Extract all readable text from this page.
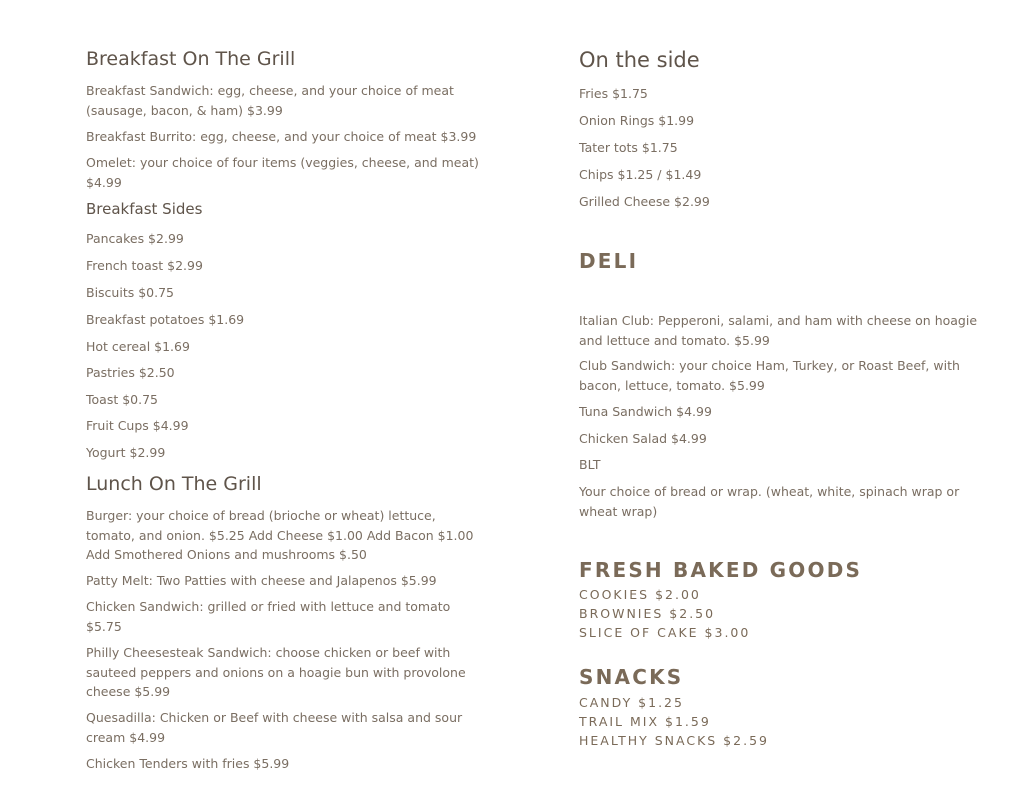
Breakfast On The Grill
Breakfast Sandwich: egg, cheese, and your choice of meat (sausage, bacon, & ham) $3.99
Breakfast Burrito: egg, cheese, and your choice of meat $3.99
Omelet: your choice of four items (veggies, cheese, and meat) $4.99
Breakfast Sides
Pancakes $2.99
French toast $2.99
Biscuits $0.75
Breakfast potatoes $1.69
Hot cereal $1.69
Pastries $2.50
Toast $0.75
Fruit Cups $4.99
Yogurt $2.99
Lunch On The Grill
Burger: your choice of bread (brioche or wheat) lettuce, tomato, and onion. $5.25 Add Cheese $1.00 Add Bacon $1.00 Add Smothered Onions and mushrooms $.50
Patty Melt: Two Patties with cheese and Jalapenos $5.99
Chicken Sandwich: grilled or fried with lettuce and tomato $5.75
Philly Cheesesteak Sandwich: choose chicken or beef with sauteed peppers and onions on a hoagie bun with provolone cheese $5.99
Quesadilla: Chicken or Beef with cheese with salsa and sour cream $4.99
Chicken Tenders with fries $5.99
On the side
Fries $1.75
Onion Rings $1.99
Tater tots $1.75
Chips $1.25 / $1.49
Grilled Cheese $2.99
DELI
Italian Club: Pepperoni, salami, and ham with cheese on hoagie and lettuce and tomato. $5.99
Club Sandwich: your choice Ham, Turkey, or Roast Beef, with bacon, lettuce, tomato. $5.99
Tuna Sandwich $4.99
Chicken Salad $4.99
BLT
Your choice of bread or wrap. (wheat, white, spinach wrap or wheat wrap)
FRESH BAKED GOODS
COOKIES $2.00
BROWNIES $2.50
SLICE OF CAKE $3.00
SNACKS
CANDY $1.25
TRAIL MIX $1.59
HEALTHY SNACKS $2.59
